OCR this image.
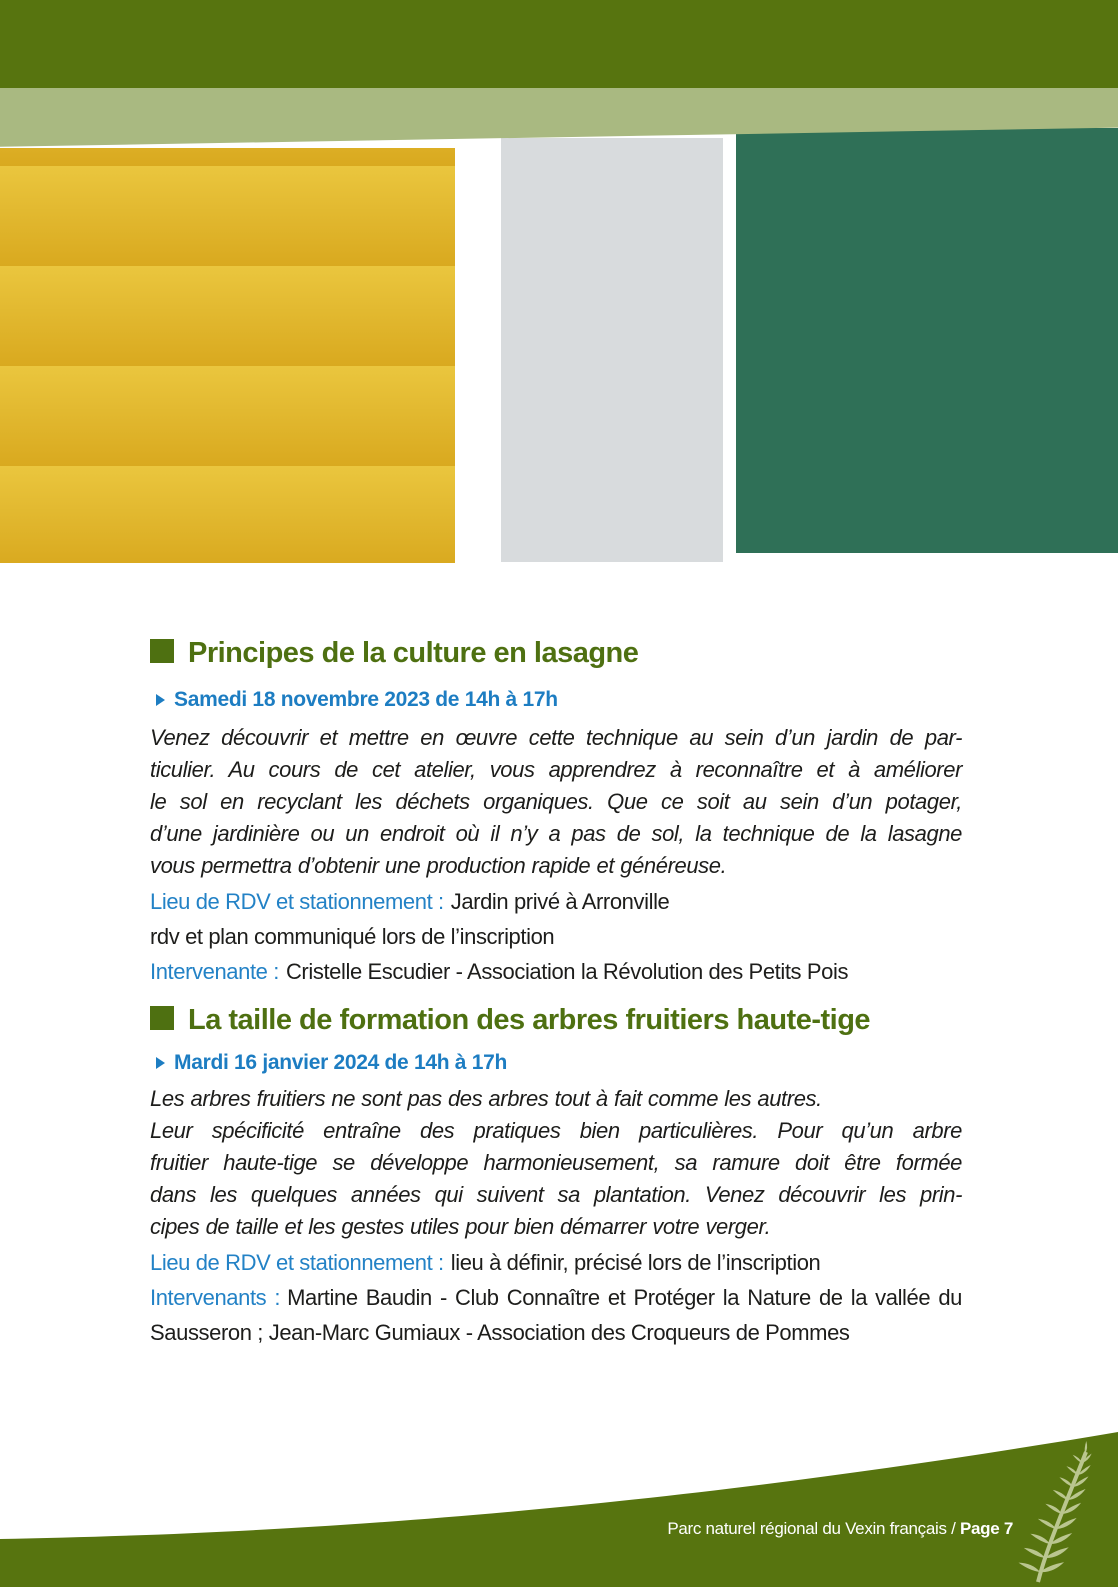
Principes de la culture en lasagne
Samedi 18 novembre 2023 de 14h à 17h
Venez découvrir et mettre en œuvre cette technique au sein d’un jardin de par-
ticulier. Au cours de cet atelier, vous apprendrez à reconnaître et à améliorer
le sol en recyclant les déchets organiques. Que ce soit au sein d’un potager,
d’une jardinière ou un endroit où il n’y a pas de sol, la technique de la lasagne
vous permettra d’obtenir une production rapide et généreuse.
Lieu de RDV et stationnement : Jardin privé à Arronville
rdv et plan communiqué lors de l’inscription
Intervenante : Cristelle Escudier - Association la Révolution des Petits Pois
La taille de formation des arbres fruitiers haute-tige
Mardi 16 janvier 2024 de 14h à 17h
Les arbres fruitiers ne sont pas des arbres tout à fait comme les autres.
Leur spécificité entraîne des pratiques bien particulières. Pour qu’un arbre
fruitier haute-tige se développe harmonieusement, sa ramure doit être formée
dans les quelques années qui suivent sa plantation. Venez découvrir les prin-
cipes de taille et les gestes utiles pour bien démarrer votre verger.
Lieu de RDV et stationnement : lieu à définir, précisé lors de l’inscription
Intervenants : Martine Baudin - Club Connaître et Protéger la Nature de la vallée du
Sausseron ; Jean-Marc Gumiaux - Association des Croqueurs de Pommes
Parc naturel régional du Vexin français / Page 7
